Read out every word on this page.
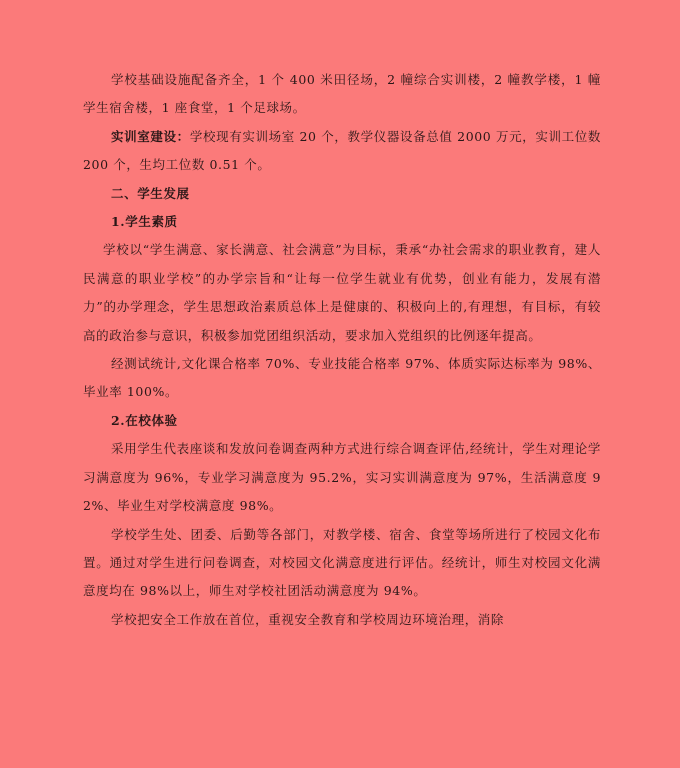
学校基础设施配备齐全，1 个 400 米田径场，2 幢综合实训楼，2 幢教学楼，1 幢学生宿舍楼，1 座食堂，1 个足球场。

实训室建设：学校现有实训场室 20 个，教学仪器设备总值 2000 万元，实训工位数 200 个，生均工位数 0.51 个。

二、学生发展

1.学生素质

学校以“学生满意、家长满意、社会满意”为目标，秉承“办社会需求的职业教育，建人民满意的职业学校”的办学宗旨和“让每一位学生就业有优势，创业有能力，发展有潜力”的办学理念，学生思想政治素质总体上是健康的、积极向上的,有理想，有目标，有较高的政治参与意识，积极参加党团组织活动，要求加入党组织的比例逐年提高。

经测试统计,文化课合格率 70%、专业技能合格率 97%、体质实际达标率为 98%、毕业率 100%。

2.在校体验

采用学生代表座谈和发放问卷调查两种方式进行综合调查评估,经统计，学生对理论学习满意度为 96%，专业学习满意度为 95.2%，实习实训满意度为 97%，生活满意度 92%、毕业生对学校满意度 98%。

学校学生处、团委、后勤等各部门，对教学楼、宿舍、食堂等场所进行了校园文化布置。通过对学生进行问卷调查，对校园文化满意度进行评估。经统计，师生对校园文化满意度均在 98%以上，师生对学校社团活动满意度为 94%。

学校把安全工作放在首位，重视安全教育和学校周边环境治理，消除
